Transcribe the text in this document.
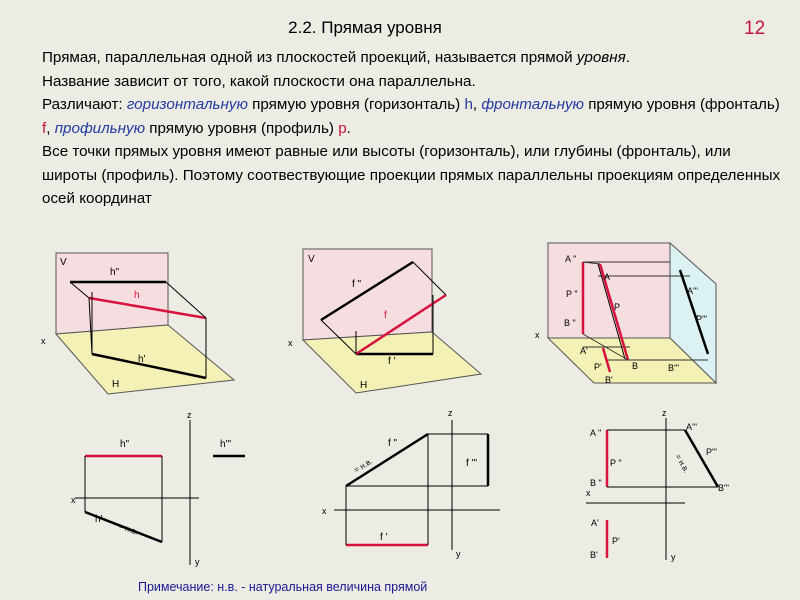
2.2. Прямая уровня	12
Прямая, параллельная одной из плоскостей проекций, называется прямой уровня.
Название зависит от того, какой плоскости она параллельна.
Различают: горизонтальную прямую уровня (горизонталь) h, фронтальную прямую уровня (фронталь) f, профильную прямую уровня (профиль) p.
Все точки прямых уровня имеют равные или высоты (горизонталь), или глубины (фронталь), или широты (профиль). Поэтому соотвествующие проекции прямых параллельны проекциям определенных осей координат
V
h"
h
h'
H
x
V
f "
f
f '
H
x
A "
A
P "
P
B "
A'"
P'"
A'
P'	B	B'"
B'
x
x
z
y
h"	h'"
h'
= н.в.
x
z
y
f "
f '"
f '
= н.в.
x
z
y
A "
P "
B "
A'"
P'"
B'"
A'
P'
B'
= н.в.
Примечание: н.в. - натуральная величина прямой
